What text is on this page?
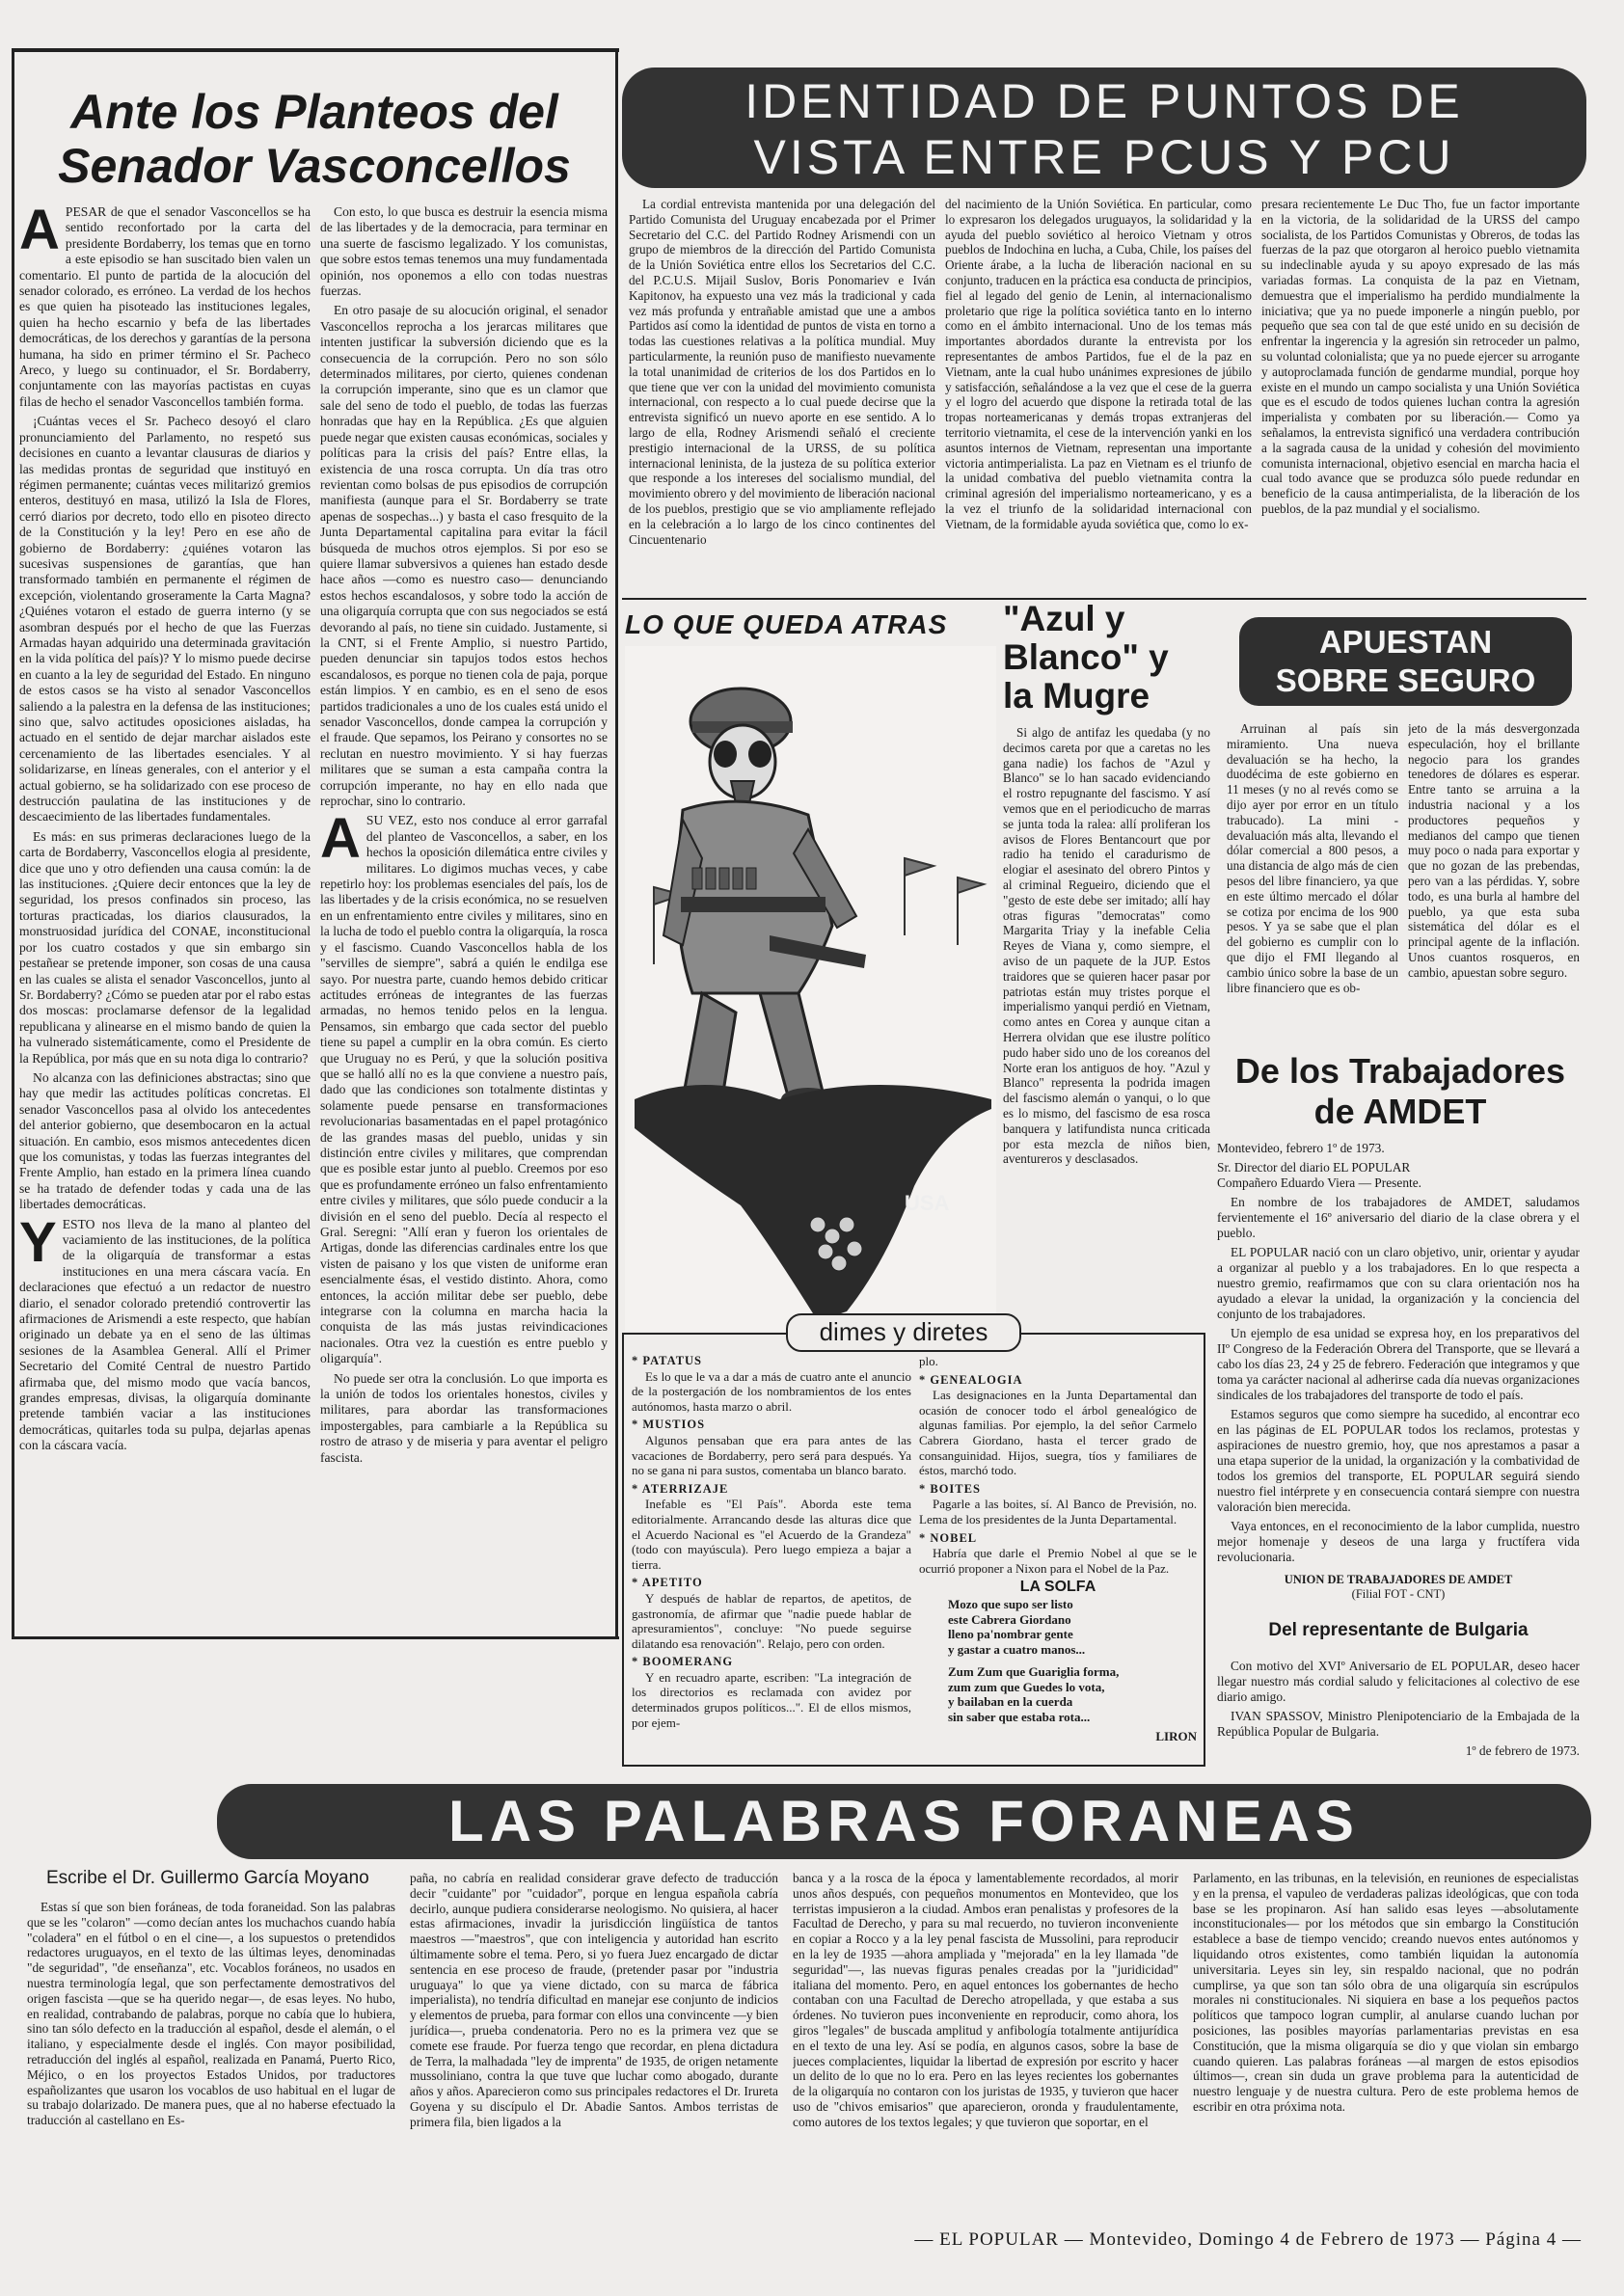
Ante los Planteos del
Senador Vasconcellos

APESAR de que el senador Vasconcellos se ha sentido reconfortado por la carta del presidente Bordaberry, los temas que en torno a este episodio se han suscitado bien valen un comentario. El punto de partida de la alocución del senador colorado, es erróneo. La verdad de los hechos es que quien ha pisoteado las instituciones legales, quien ha hecho escarnio y befa de las libertades democráticas, de los derechos y garantías de la persona humana, ha sido en primer término el Sr. Pacheco Areco, y luego su continuador, el Sr. Bordaberry, conjuntamente con las mayorías pactistas en cuyas filas de hecho el senador Vasconcellos también forma.

¡Cuántas veces el Sr. Pacheco desoyó el claro pronunciamiento del Parlamento, no respetó sus decisiones en cuanto a levantar clausuras de diarios y las medidas prontas de seguridad que instituyó en régimen permanente; cuántas veces militarizó gremios enteros, destituyó en masa, utilizó la Isla de Flores, cerró diarios por decreto, todo ello en pisoteo directo de la Constitución y la ley! Pero en ese año de gobierno de Bordaberry: ¿quiénes votaron las sucesivas suspensiones de garantías, que han transformado también en permanente el régimen de excepción, violentando groseramente la Carta Magna? ¿Quiénes votaron el estado de guerra interno (y se asombran después por el hecho de que las Fuerzas Armadas hayan adquirido una determinada gravitación en la vida política del país)? Y lo mismo puede decirse en cuanto a la ley de seguridad del Estado. En ninguno de estos casos se ha visto al senador Vasconcellos saliendo a la palestra en la defensa de las instituciones; sino que, salvo actitudes oposiciones aisladas, ha actuado en el sentido de dejar marchar aislados este cercenamiento de las libertades esenciales. Y al solidarizarse, en líneas generales, con el anterior y el actual gobierno, se ha solidarizado con ese proceso de destrucción paulatina de las instituciones y de descaecimiento de las libertades fundamentales.

Es más: en sus primeras declaraciones luego de la carta de Bordaberry, Vasconcellos elogia al presidente, dice que uno y otro defienden una causa común: la de las instituciones. ¿Quiere decir entonces que la ley de seguridad, los presos confinados sin proceso, las torturas practicadas, los diarios clausurados, la monstruosidad jurídica del CONAE, inconstitucional por los cuatro costados y que sin embargo sin pestañear se pretende imponer, son cosas de una causa en las cuales se alista el senador Vasconcellos, junto al Sr. Bordaberry? ¿Cómo se pueden atar por el rabo estas dos moscas: proclamarse defensor de la legalidad republicana y alinearse en el mismo bando de quien la ha vulnerado sistemáticamente, como el Presidente de la República, por más que en su nota diga lo contrario?

No alcanza con las definiciones abstractas; sino que hay que medir las actitudes políticas concretas. El senador Vasconcellos pasa al olvido los antecedentes del anterior gobierno, que desembocaron en la actual situación. En cambio, esos mismos antecedentes dicen que los comunistas, y todas las fuerzas integrantes del Frente Amplio, han estado en la primera línea cuando se ha tratado de defender todas y cada una de las libertades democráticas.

YESTO nos lleva de la mano al planteo del vaciamiento de las instituciones, de la política de la oligarquía de transformar a estas instituciones en una mera cáscara vacía. En declaraciones que efectuó a un redactor de nuestro diario, el senador colorado pretendió controvertir las afirmaciones de Arismendi a este respecto, que habían originado un debate ya en el seno de las últimas sesiones de la Asamblea General. Allí el Primer Secretario del Comité Central de nuestro Partido afirmaba que, del mismo modo que vacía bancos, grandes empresas, divisas, la oligarquía dominante pretende también vaciar a las instituciones democráticas, quitarles toda su pulpa, dejarlas apenas con la cáscara vacía.

Con esto, lo que busca es destruir la esencia misma de las libertades y de la democracia, para terminar en una suerte de fascismo legalizado. Y los comunistas, que sobre estos temas tenemos una muy fundamentada opinión, nos oponemos a ello con todas nuestras fuerzas.

En otro pasaje de su alocución original, el senador Vasconcellos reprocha a los jerarcas militares que intenten justificar la subversión diciendo que es la consecuencia de la corrupción. Pero no son sólo determinados militares, por cierto, quienes condenan la corrupción imperante, sino que es un clamor que sale del seno de todo el pueblo, de todas las fuerzas honradas que hay en la República. ¿Es que alguien puede negar que existen causas económicas, sociales y políticas para la crisis del país? Entre ellas, la existencia de una rosca corrupta. Un día tras otro revientan como bolsas de pus episodios de corrupción manifiesta (aunque para el Sr. Bordaberry se trate apenas de sospechas...) y basta el caso fresquito de la Junta Departamental capitalina para evitar la fácil búsqueda de muchos otros ejemplos. Si por eso se quiere llamar subversivos a quienes han estado desde hace años —como es nuestro caso— denunciando estos hechos escandalosos, y sobre todo la acción de una oligarquía corrupta que con sus negociados se está devorando al país, no tiene sin cuidado. Justamente, si la CNT, si el Frente Amplio, si nuestro Partido, pueden denunciar sin tapujos todos estos hechos escandalosos, es porque no tienen cola de paja, porque están limpios. Y en cambio, es en el seno de esos partidos tradicionales a uno de los cuales está unido el senador Vasconcellos, donde campea la corrupción y el fraude. Que sepamos, los Peirano y consortes no se reclutan en nuestro movimiento. Y si hay fuerzas militares que se suman a esta campaña contra la corrupción imperante, no hay en ello nada que reprochar, sino lo contrario.

ASU VEZ, esto nos conduce al error garrafal del planteo de Vasconcellos, a saber, en los hechos la oposición dilemática entre civiles y militares. Lo digimos muchas veces, y cabe repetirlo hoy: los problemas esenciales del país, los de las libertades y de la crisis económica, no se resuelven en un enfrentamiento entre civiles y militares, sino en la lucha de todo el pueblo contra la oligarquía, la rosca y el fascismo. Cuando Vasconcellos habla de los "servilles de siempre", sabrá a quién le endilga ese sayo. Por nuestra parte, cuando hemos debido criticar actitudes erróneas de integrantes de las fuerzas armadas, no hemos tenido pelos en la lengua. Pensamos, sin embargo que cada sector del pueblo tiene su papel a cumplir en la obra común. Es cierto que Uruguay no es Perú, y que la solución positiva que se halló allí no es la que conviene a nuestro país, dado que las condiciones son totalmente distintas y solamente puede pensarse en transformaciones revolucionarias basamentadas en el papel protagónico de las grandes masas del pueblo, unidas y sin distinción entre civiles y militares, que comprendan que es posible estar junto al pueblo. Creemos por eso que es profundamente erróneo un falso enfrentamiento entre civiles y militares, que sólo puede conducir a la división en el seno del pueblo. Decía al respecto el Gral. Seregni: "Allí eran y fueron los orientales de Artigas, donde las diferencias cardinales entre los que visten de paisano y los que visten de uniforme eran esencialmente ésas, el vestido distinto. Ahora, como entonces, la acción militar debe ser pueblo, debe integrarse con la columna en marcha hacia la conquista de las más justas reivindicaciones nacionales. Otra vez la cuestión es entre pueblo y oligarquía".

No puede ser otra la conclusión. Lo que importa es la unión de todos los orientales honestos, civiles y militares, para abordar las transformaciones impostergables, para cambiarle a la República su rostro de atraso y de miseria y para aventar el peligro fascista.

IDENTIDAD DE PUNTOS DE
VISTA ENTRE PCUS Y PCU

La cordial entrevista mantenida por una delegación del Partido Comunista del Uruguay encabezada por el Primer Secretario del C.C. del Partido Rodney Arismendi con un grupo de miembros de la dirección del Partido Comunista de la Unión Soviética entre ellos los Secretarios del C.C. del P.C.U.S. Mijail Suslov, Boris Ponomariev e Iván Kapitonov, ha expuesto una vez más la tradicional y cada vez más profunda y entrañable amistad que une a ambos Partidos así como la identidad de puntos de vista en torno a todas las cuestiones relativas a la política mundial. Muy particularmente, la reunión puso de manifiesto nuevamente la total unanimidad de criterios de los dos Partidos en lo que tiene que ver con la unidad del movimiento comunista internacional, con respecto a lo cual puede decirse que la entrevista significó un nuevo aporte en ese sentido. A lo largo de ella, Rodney Arismendi señaló el creciente prestigio internacional de la URSS, de su política internacional leninista, de la justeza de su política exterior que responde a los intereses del socialismo mundial, del movimiento obrero y del movimiento de liberación nacional de los pueblos, prestigio que se vio ampliamente reflejado en la celebración a lo largo de los cinco continentes del Cincuentenario

del nacimiento de la Unión Soviética. En particular, como lo expresaron los delegados uruguayos, la solidaridad y la ayuda del pueblo soviético al heroico Vietnam y otros pueblos de Indochina en lucha, a Cuba, Chile, los países del Oriente árabe, a la lucha de liberación nacional en su conjunto, traducen en la práctica esa conducta de principios, fiel al legado del genio de Lenin, al internacionalismo proletario que rige la política soviética tanto en lo interno como en el ámbito internacional. Uno de los temas más importantes abordados durante la entrevista por los representantes de ambos Partidos, fue el de la paz en Vietnam, ante la cual hubo unánimes expresiones de júbilo y satisfacción, señalándose a la vez que el cese de la guerra y el logro del acuerdo que dispone la retirada total de las tropas norteamericanas y demás tropas extranjeras del territorio vietnamita, el cese de la intervención yanki en los asuntos internos de Vietnam, representan una importante victoria antimperialista. La paz en Vietnam es el triunfo de la unidad combativa del pueblo vietnamita contra la criminal agresión del imperialismo norteamericano, y es a la vez el triunfo de la solidaridad internacional con Vietnam, de la formidable ayuda soviética que, como lo ex-

presara recientemente Le Duc Tho, fue un factor importante en la victoria, de la solidaridad de la URSS del campo socialista, de los Partidos Comunistas y Obreros, de todas las fuerzas de la paz que otorgaron al heroico pueblo vietnamita su indeclinable ayuda y su apoyo expresado de las más variadas formas. La conquista de la paz en Vietnam, demuestra que el imperialismo ha perdido mundialmente la iniciativa; que ya no puede imponerle a ningún pueblo, por pequeño que sea con tal de que esté unido en su decisión de enfrentar la ingerencia y la agresión sin retroceder un palmo, su voluntad colonialista; que ya no puede ejercer su arrogante y autoproclamada función de gendarme mundial, porque hoy existe en el mundo un campo socialista y una Unión Soviética que es el escudo de todos quienes luchan contra la agresión imperialista y combaten por su liberación.— Como ya señalamos, la entrevista significó una verdadera contribución a la sagrada causa de la unidad y cohesión del movimiento comunista internacional, objetivo esencial en marcha hacia el cual todo avance que se produzca sólo puede redundar en beneficio de la causa antimperialista, de la liberación de los pueblos, de la paz mundial y el socialismo.

LO QUE QUEDA ATRAS
USA
"Azul y
Blanco" y
la Mugre

Si algo de antifaz les quedaba (y no decimos careta por que a caretas no les gana nadie) los fachos de "Azul y Blanco" se lo han sacado evidenciando el rostro repugnante del fascismo. Y así vemos que en el periodicucho de marras se junta toda la ralea: allí proliferan los avisos de Flores Bentancourt que por radio ha tenido el caradurismo de elogiar el asesinato del obrero Pintos y al criminal Regueiro, diciendo que el "gesto de este debe ser imitado; allí hay otras figuras "democratas" como Margarita Triay y la inefable Celia Reyes de Viana y, como siempre, el aviso de un paquete de la JUP. Estos traidores que se quieren hacer pasar por patriotas están muy tristes porque el imperialismo yanqui perdió en Vietnam, como antes en Corea y aunque citan a Herrera olvidan que ese ilustre político pudo haber sido uno de los coreanos del Norte eran los antiguos de hoy. "Azul y Blanco" representa la podrida imagen del fascismo alemán o yanqui, o lo que es lo mismo, del fascismo de esa rosca banquera y latifundista nunca criticada por esta mezcla de niños bien, aventureros y desclasados.

APUESTAN
SOBRE SEGURO

Arruinan al país sin miramiento. Una nueva devaluación se ha hecho, la duodécima de este gobierno en 11 meses (y no al revés como se dijo ayer por error en un título trabucado). La mini - devaluación más alta, llevando el dólar comercial a 800 pesos, a una distancia de algo más de cien pesos del libre financiero, ya que en este último mercado el dólar se cotiza por encima de los 900 pesos. Y ya se sabe que el plan del gobierno es cumplir con lo que dijo el FMI llegando al cambio único sobre la base de un libre financiero que es ob-

jeto de la más desvergonzada especulación, hoy el brillante negocio para los grandes tenedores de dólares es esperar. Entre tanto se arruina a la industria nacional y a los productores pequeños y medianos del campo que tienen muy poco o nada para exportar y que no gozan de las prebendas, pero van a las pérdidas. Y, sobre todo, es una burla al hambre del pueblo, ya que esta suba sistemática del dólar es el principal agente de la inflación. Unos cuantos rosqueros, en cambio, apuestan sobre seguro.

De los Trabajadores
de AMDET

Montevideo, febrero 1º de 1973.

Sr. Director del diario EL POPULAR

Compañero Eduardo Viera — Presente.

En nombre de los trabajadores de AMDET, saludamos fervientemente el 16º aniversario del diario de la clase obrera y el pueblo.

EL POPULAR nació con un claro objetivo, unir, orientar y ayudar a organizar al pueblo y a los trabajadores. En lo que respecta a nuestro gremio, reafirmamos que con su clara orientación nos ha ayudado a elevar la unidad, la organización y la conciencia del conjunto de los trabajadores.

Un ejemplo de esa unidad se expresa hoy, en los preparativos del IIº Congreso de la Federación Obrera del Transporte, que se llevará a cabo los días 23, 24 y 25 de febrero. Federación que integramos y que toma ya carácter nacional al adherirse cada día nuevas organizaciones sindicales de los trabajadores del transporte de todo el país.

Estamos seguros que como siempre ha sucedido, al encontrar eco en las páginas de EL POPULAR todos los reclamos, protestas y aspiraciones de nuestro gremio, hoy, que nos aprestamos a pasar a una etapa superior de la unidad, la organización y la combatividad de todos los gremios del transporte, EL POPULAR seguirá siendo nuestro fiel intérprete y en consecuencia contará siempre con nuestra valoración bien merecida.

Vaya entonces, en el reconocimiento de la labor cumplida, nuestro mejor homenaje y deseos de una larga y fructífera vida revolucionaria.

UNION DE TRABAJADORES DE AMDET
(Filial FOT - CNT)
Del representante de Bulgaria

Con motivo del XVIº Aniversario de EL POPULAR, deseo hacer llegar nuestro más cordial saludo y felicitaciones al colectivo de ese diario amigo.

IVAN SPASSOV, Ministro Plenipotenciario de la Embajada de la República Popular de Bulgaria.

1º de febrero de 1973.

dimes y diretes
* PATATUS

Es lo que le va a dar a más de cuatro ante el anuncio de la postergación de los nombramientos de los entes autónomos, hasta marzo o abril.

* MUSTIOS

Algunos pensaban que era para antes de las vacaciones de Bordaberry, pero será para después. Ya no se gana ni para sustos, comentaba un blanco barato.

* ATERRIZAJE

Inefable es "El País". Aborda este tema editorialmente. Arrancando desde las alturas dice que el Acuerdo Nacional es "el Acuerdo de la Grandeza" (todo con mayúscula). Pero luego empieza a bajar a tierra.

* APETITO

Y después de hablar de repartos, de apetitos, de gastronomía, de afirmar que "nadie puede hablar de apresuramientos", concluye: "No puede seguirse dilatando esa renovación". Relajo, pero con orden.

* BOOMERANG

Y en recuadro aparte, escriben: "La integración de los directorios es reclamada con avidez por determinados grupos políticos...". El de ellos mismos, por ejem-

plo.

* GENEALOGIA

Las designaciones en la Junta Departamental dan ocasión de conocer todo el árbol genealógico de algunas familias. Por ejemplo, la del señor Carmelo Cabrera Giordano, hasta el tercer grado de consanguinidad. Hijos, suegra, tíos y familiares de éstos, marchó todo.

* BOITES

Pagarle a las boites, sí. Al Banco de Previsión, no. Lema de los presidentes de la Junta Departamental.

* NOBEL

Habría que darle el Premio Nobel al que se le ocurrió proponer a Nixon para el Nobel de la Paz.

LA SOLFA
Mozo que supo ser listo
este Cabrera Giordano
lleno pa'nombrar gente
y gastar a cuatro manos...
Zum Zum que Guariglia forma,
zum zum que Guedes lo vota,
y bailaban en la cuerda
sin saber que estaba rota...
LIRON
LAS PALABRAS FORANEAS
Escribe el Dr. Guillermo García Moyano

Estas sí que son bien foráneas, de toda foraneidad. Son las palabras que se les "colaron" —como decían antes los muchachos cuando había "coladera" en el fútbol o en el cine—, a los supuestos o pretendidos redactores uruguayos, en el texto de las últimas leyes, denominadas "de seguridad", "de enseñanza", etc. Vocablos foráneos, no usados en nuestra terminología legal, que son perfectamente demostrativos del origen fascista —que se ha querido negar—, de esas leyes. No hubo, en realidad, contrabando de palabras, porque no cabía que lo hubiera, sino tan sólo defecto en la traducción al español, desde el alemán, o el italiano, y especialmente desde el inglés. Con mayor posibilidad, retraducción del inglés al español, realizada en Panamá, Puerto Rico, Méjico, o en los proyectos Estados Unidos, por traductores españolizantes que usaron los vocablos de uso habitual en el lugar de su trabajo dolarizado. De manera pues, que al no haberse efectuado la traducción al castellano en Es-

paña, no cabría en realidad considerar grave defecto de traducción decir "cuidante" por "cuidador", porque en lengua española cabría decirlo, aunque pudiera considerarse neologismo. No quisiera, al hacer estas afirmaciones, invadir la jurisdicción lingüística de tantos maestros —"maestros", que con inteligencia y autoridad han escrito últimamente sobre el tema. Pero, si yo fuera Juez encargado de dictar sentencia en ese proceso de fraude, (pretender pasar por "industria uruguaya" lo que ya viene dictado, con su marca de fábrica imperialista), no tendría dificultad en manejar ese conjunto de indicios y elementos de prueba, para formar con ellos una convincente —y bien jurídica—, prueba condenatoria. Pero no es la primera vez que se comete ese fraude. Por fuerza tengo que recordar, en plena dictadura de Terra, la malhadada "ley de imprenta" de 1935, de origen netamente mussoliniano, contra la que tuve que luchar como abogado, durante años y años. Aparecieron como sus principales redactores el Dr. Irureta Goyena y su discípulo el Dr. Abadie Santos. Ambos terristas de primera fila, bien ligados a la

banca y a la rosca de la época y lamentablemente recordados, al morir unos años después, con pequeños monumentos en Montevideo, que los terristas impusieron a la ciudad. Ambos eran penalistas y profesores de la Facultad de Derecho, y para su mal recuerdo, no tuvieron inconveniente en copiar a Rocco y a la ley penal fascista de Mussolini, para reproducir en la ley de 1935 —ahora ampliada y "mejorada" en la ley llamada "de seguridad"—, las nuevas figuras penales creadas por la "juridicidad" italiana del momento. Pero, en aquel entonces los gobernantes de hecho contaban con una Facultad de Derecho atropellada, y que estaba a sus órdenes. No tuvieron pues inconveniente en reproducir, como ahora, los giros "legales" de buscada amplitud y anfibología totalmente antijurídica en el texto de una ley. Así se podía, en algunos casos, sobre la base de jueces complacientes, liquidar la libertad de expresión por escrito y hacer un delito de lo que no lo era. Pero en las leyes recientes los gobernantes de la oligarquía no contaron con los juristas de 1935, y tuvieron que hacer uso de "chivos emisarios" que aparecieron, oronda y fraudulentamente, como autores de los textos legales; y que tuvieron que soportar, en el

Parlamento, en las tribunas, en la televisión, en reuniones de especialistas y en la prensa, el vapuleo de verdaderas palizas ideológicas, que con toda base se les propinaron. Así han salido esas leyes —absolutamente inconstitucionales— por los métodos que sin embargo la Constitución establece a base de tiempo vencido; creando nuevos entes autónomos y liquidando otros existentes, como también liquidan la autonomía universitaria. Leyes sin ley, sin respaldo nacional, que no podrán cumplirse, ya que son tan sólo obra de una oligarquía sin escrúpulos morales ni constitucionales. Ni siquiera en base a los pequeños pactos políticos que tampoco logran cumplir, al anularse cuando luchan por posiciones, las posibles mayorías parlamentarias previstas en esa Constitución, que la misma oligarquía se dio y que violan sin embargo cuando quieren. Las palabras foráneas —al margen de estos episodios últimos—, crean sin duda un grave problema para la autenticidad de nuestro lenguaje y de nuestra cultura. Pero de este problema hemos de escribir en otra próxima nota.

— EL POPULAR — Montevideo, Domingo 4 de Febrero de 1973 — Página 4 —
